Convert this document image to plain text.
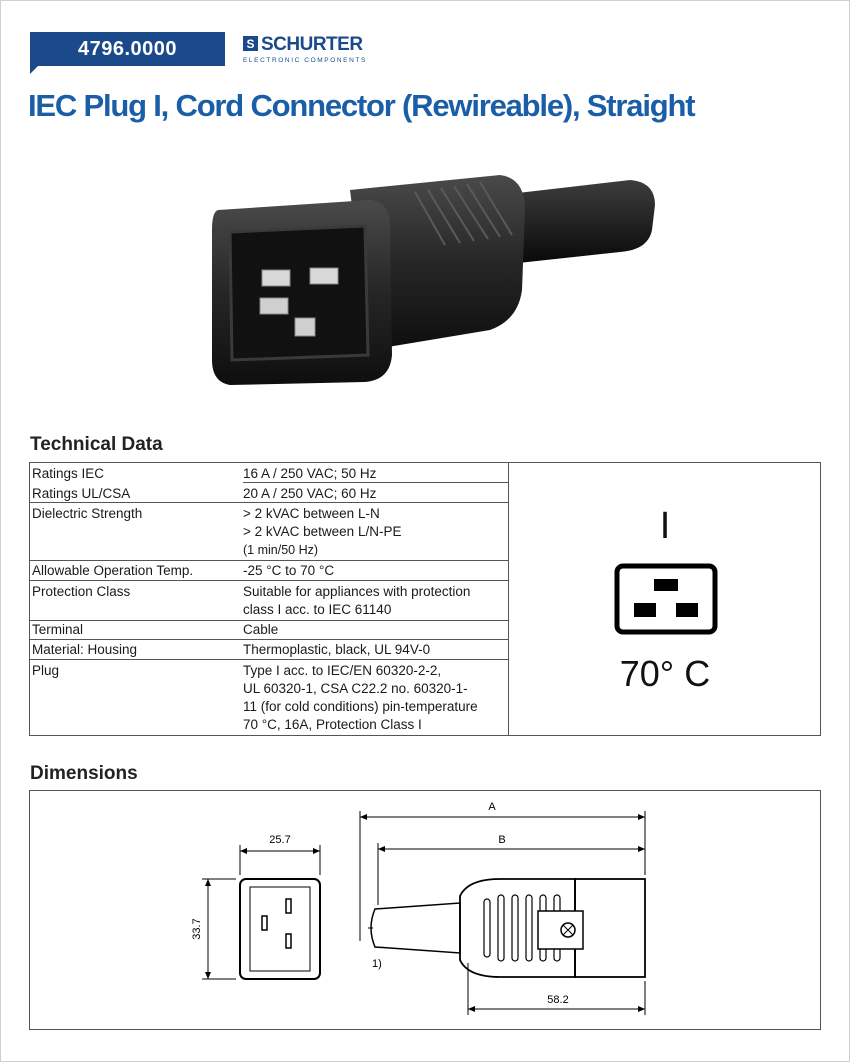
4796.0000	S SCHURTER
ELECTRONIC COMPONENTS
IEC Plug I, Cord Connector (Rewireable), Straight
Technical Data
Ratings IEC	16 A / 250 VAC; 50 Hz
Ratings UL/CSA	20 A / 250 VAC; 60 Hz
Dielectric Strength	> 2 kVAC between L-N
> 2 kVAC between L/N-PE
(1 min/50 Hz)
Allowable Operation Temp.	-25 °C to 70 °C
Protection Class	Suitable for appliances with protection
class I acc. to IEC 61140
Terminal	Cable
Material: Housing	Thermoplastic, black, UL 94V-0
Plug	Type I acc. to IEC/EN 60320-2-2,
UL 60320-1, CSA C22.2 no. 60320-1-
11 (for cold conditions) pin-temperature
70 °C, 16A, Protection Class I
I
70° C
Dimensions
25.7
33.7
A
B
58.2
1)
